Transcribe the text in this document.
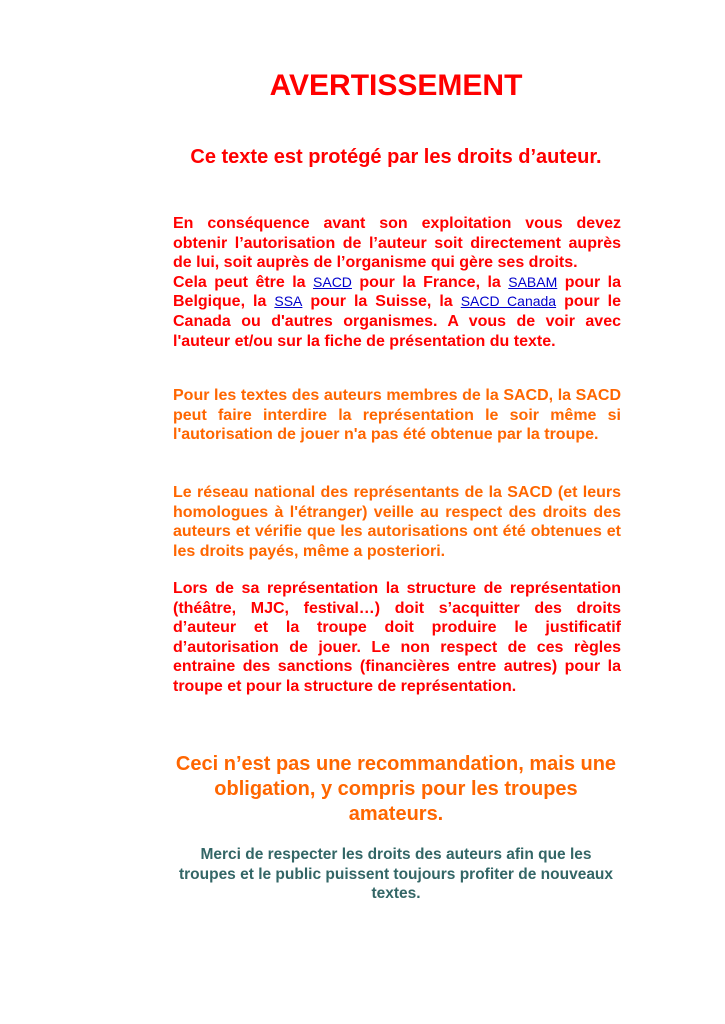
AVERTISSEMENT
Ce texte est protégé par les droits d’auteur.
En conséquence avant son exploitation vous devez obtenir l’autorisation de l’auteur soit directement auprès de lui, soit auprès de l’organisme qui gère ses droits.
Cela peut être la SACD pour la France, la SABAM pour la Belgique, la SSA pour la Suisse, la SACD Canada pour le Canada ou d'autres organismes. A vous de voir avec l'auteur et/ou sur la fiche de présentation du texte.

Pour les textes des auteurs membres de la SACD, la SACD peut faire interdire la représentation le soir même si l'autorisation de jouer n'a pas été obtenue par la troupe.

Le réseau national des représentants de la SACD (et leurs homologues à l'étranger) veille au respect des droits des auteurs et vérifie que les autorisations ont été obtenues et les droits payés, même a posteriori.

Lors de sa représentation la structure de représentation (théâtre, MJC, festival…) doit s’acquitter des droits d’auteur et la troupe doit produire le justificatif d’autorisation de jouer. Le non respect de ces règles entraine des sanctions (financières entre autres) pour la troupe et pour la structure de représentation.

Ceci n’est pas une recommandation, mais une obligation, y compris pour les troupes amateurs.

Merci de respecter les droits des auteurs afin que les troupes et le public puissent toujours profiter de nouveaux textes.
